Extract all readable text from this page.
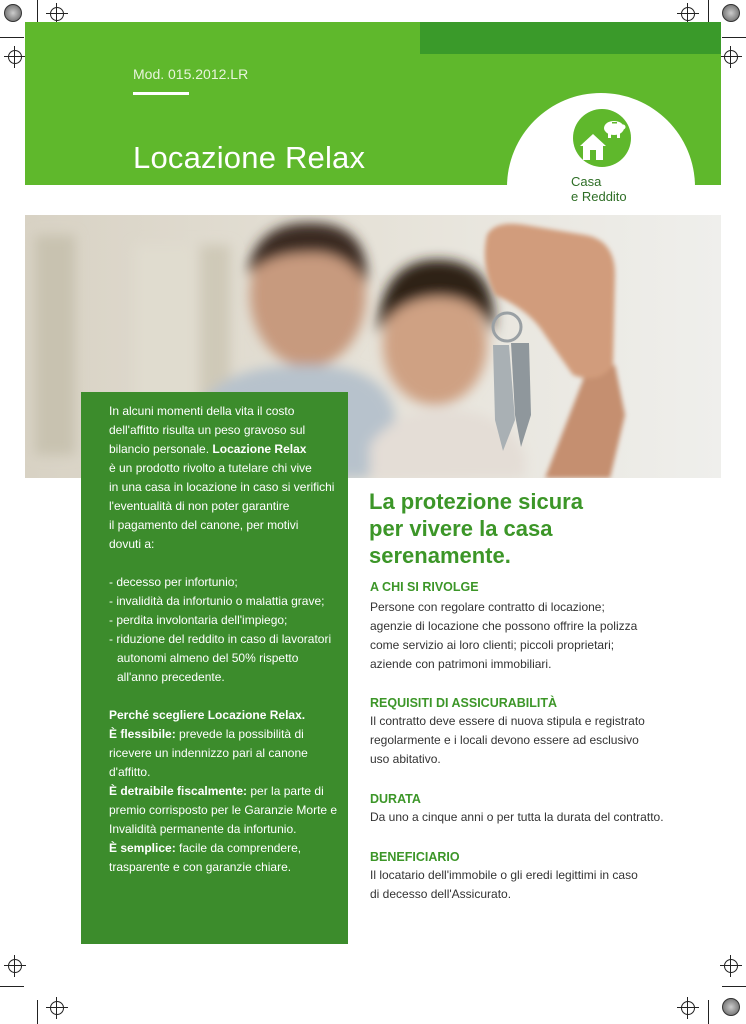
Mod. 015.2012.LR
Locazione Relax
Casa
e Reddito

In alcuni momenti della vita il costo

dell'affitto risulta un peso gravoso sul

bilancio personale. Locazione Relax

è un prodotto rivolto a tutelare chi vive

in una casa in locazione in caso si verifichi

l'eventualità di non poter garantire

il pagamento del canone, per motivi

dovuti a:

- decesso per infortunio;

- invalidità da infortunio o malattia grave;

- perdita involontaria dell'impiego;

- riduzione del reddito in caso di lavoratori

autonomi almeno del 50% rispetto

all'anno precedente.

Perché scegliere Locazione Relax.

È flessibile: prevede la possibilità di

ricevere un indennizzo pari al canone

d'affitto.

È detraibile fiscalmente: per la parte di

premio corrisposto per le Garanzie Morte e

Invalidità permanente da infortunio.

È semplice: facile da comprendere,

trasparente e con garanzie chiare.

La protezione sicura
per vivere la casa
serenamente.
A CHI SI RIVOLGE
Persone con regolare contratto di locazione;
agenzie di locazione che possono offrire la polizza
come servizio ai loro clienti; piccoli proprietari;
aziende con patrimoni immobiliari.
REQUISITI DI ASSICURABILITÀ
Il contratto deve essere di nuova stipula e registrato
regolarmente e i locali devono essere ad esclusivo
uso abitativo.
DURATA
Da uno a cinque anni o per tutta la durata del contratto.
BENEFICIARIO
Il locatario dell'immobile o gli eredi legittimi in caso
di decesso dell'Assicurato.
